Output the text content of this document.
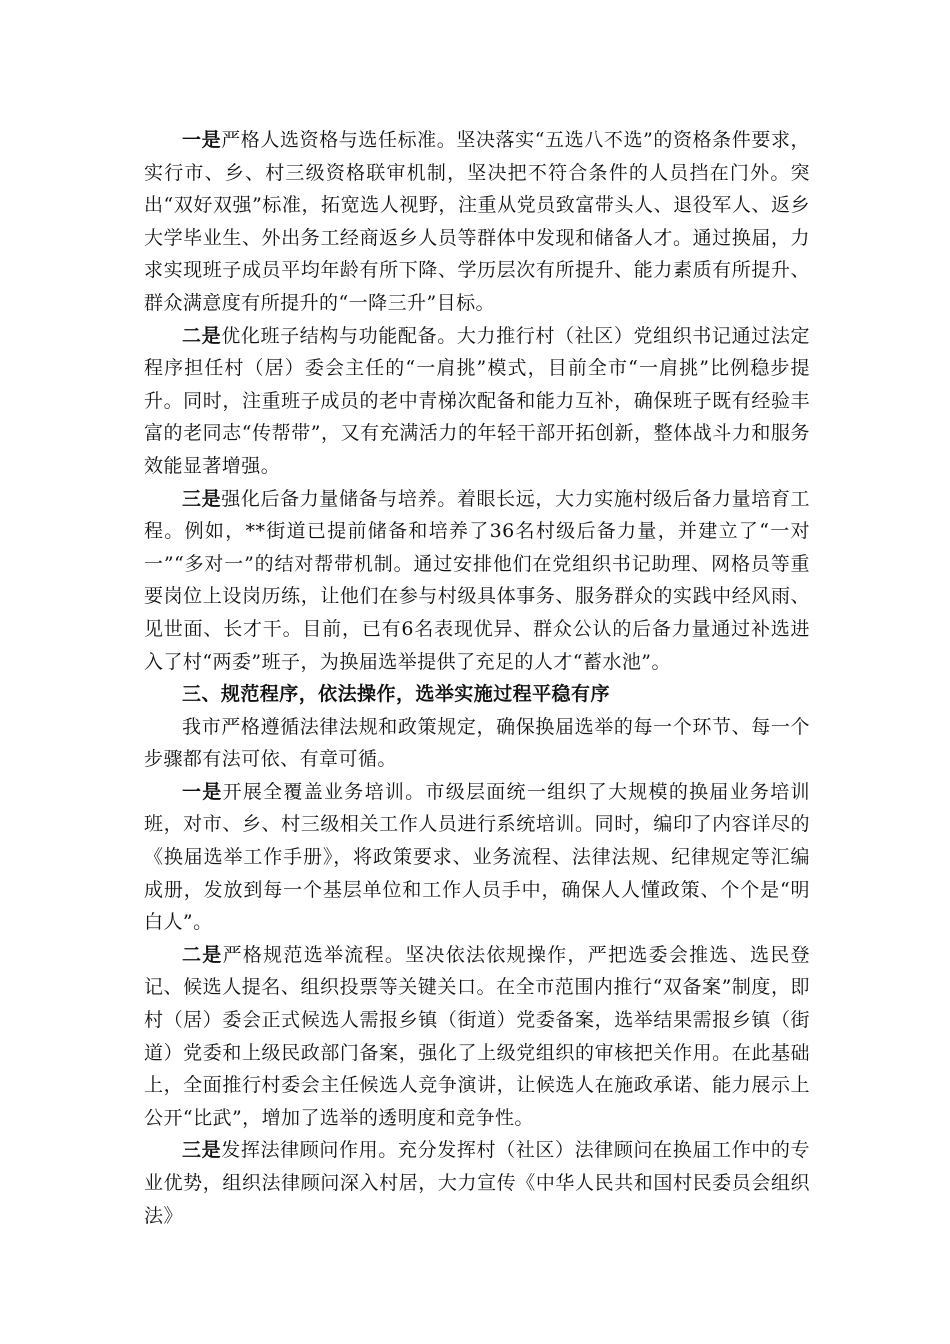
一是严格人选资格与选任标准。坚决落实“五选八不选”的资格条件要求，实行市、乡、村三级资格联审机制，坚决把不符合条件的人员挡在门外。突出“双好双强”标准，拓宽选人视野，注重从党员致富带头人、退役军人、返乡大学毕业生、外出务工经商返乡人员等群体中发现和储备人才。通过换届，力求实现班子成员平均年龄有所下降、学历层次有所提升、能力素质有所提升、群众满意度有所提升的“一降三升”目标。

二是优化班子结构与功能配备。大力推行村（社区）党组织书记通过法定程序担任村（居）委会主任的“一肩挑”模式，目前全市“一肩挑”比例稳步提升。同时，注重班子成员的老中青梯次配备和能力互补，确保班子既有经验丰富的老同志“传帮带”，又有充满活力的年轻干部开拓创新，整体战斗力和服务效能显著增强。

三是强化后备力量储备与培养。着眼长远，大力实施村级后备力量培育工程。例如，**街道已提前储备和培养了36名村级后备力量，并建立了“一对一”“多对一”的结对帮带机制。通过安排他们在党组织书记助理、网格员等重要岗位上设岗历练，让他们在参与村级具体事务、服务群众的实践中经风雨、见世面、长才干。目前，已有6名表现优异、群众公认的后备力量通过补选进入了村“两委”班子，为换届选举提供了充足的人才“蓄水池”。

三、规范程序，依法操作，选举实施过程平稳有序

我市严格遵循法律法规和政策规定，确保换届选举的每一个环节、每一个步骤都有法可依、有章可循。

一是开展全覆盖业务培训。市级层面统一组织了大规模的换届业务培训班，对市、乡、村三级相关工作人员进行系统培训。同时，编印了内容详尽的《换届选举工作手册》，将政策要求、业务流程、法律法规、纪律规定等汇编成册，发放到每一个基层单位和工作人员手中，确保人人懂政策、个个是“明白人”。

二是严格规范选举流程。坚决依法依规操作，严把选委会推选、选民登记、候选人提名、组织投票等关键关口。在全市范围内推行“双备案”制度，即村（居）委会正式候选人需报乡镇（街道）党委备案，选举结果需报乡镇（街道）党委和上级民政部门备案，强化了上级党组织的审核把关作用。在此基础上，全面推行村委会主任候选人竞争演讲，让候选人在施政承诺、能力展示上公开“比武”，增加了选举的透明度和竞争性。

三是发挥法律顾问作用。充分发挥村（社区）法律顾问在换届工作中的专业优势，组织法律顾问深入村居，大力宣传《中华人民共和国村民委员会组织法》
